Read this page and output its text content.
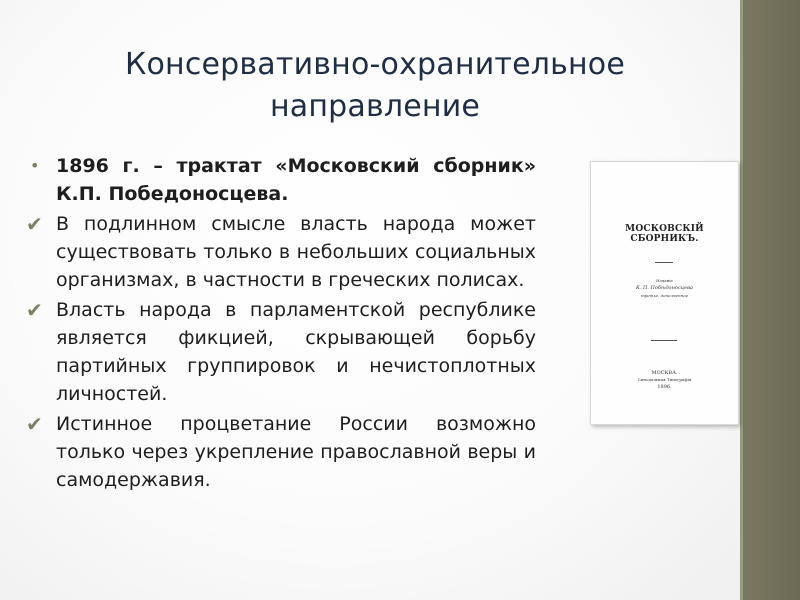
Консервативно-охранительное
направление
• 1896 г. – трактат «Московский сборник» К.П. Победоносцева.
✔ В подлинном смысле власть народа может существовать только в небольших социальных организмах, в частности в греческих полисах.
✔ Власть народа в парламентской республике является фикцией, скрывающей борьбу партийных группировок и нечистоплотных личностей.
✔ Истинное процветание России возможно только через укрепление православной веры и самодержавия.
МОСКОВСКІЙ СБОРНИКЪ.
Изданіе
К. П. Побѣдоносцева
третье, дополненное
МОСКВА.
Синодальная Типографія
1896.
